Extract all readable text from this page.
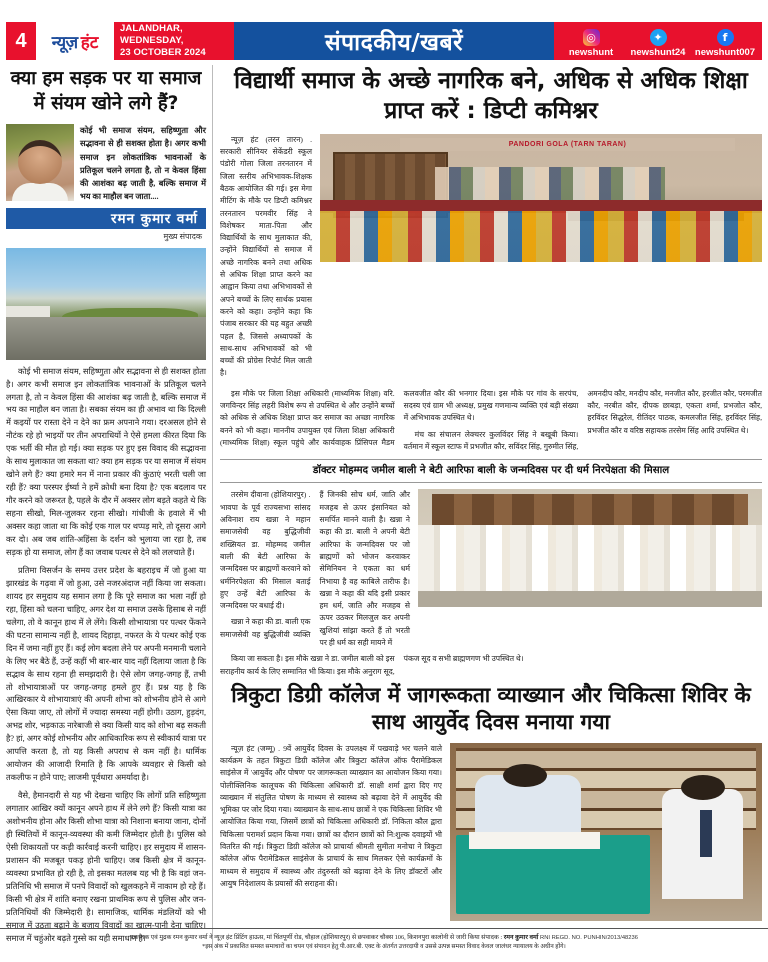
4	न्यूज़ हंट
JALANDHAR, WEDNESDAY,
23 OCTOBER 2024	संपादकीय/खबरें	◎
newshunt
✦
newshunt24
f
newshunt007
क्या हम सड़क पर या समाज में संयम खोने लगे हैं?
कोई भी समाज संयम, सहिष्णुता और सद्भावना से ही सशक्त होता है। अगर कभी समाज इन लोकतांत्रिक भावनाओं के प्रतिकूल चलने लगता है, तो न केवल हिंसा की आशंका बढ़ जाती है, बल्कि समाज में भय का माहौल बन जाता....
रमन कुमार वर्मा
मुख्य संपादक

कोई भी समाज संयम, सहिष्णुता और सद्भावना से ही सशक्त होता है। अगर कभी समाज इन लोकतांत्रिक भावनाओं के प्रतिकूल चलने लगता है, तो न केवल हिंसा की आशंका बढ़ जाती है, बल्कि समाज में भय का माहौल बन जाता है। सबका संयम का ही अभाव था कि दिल्ली में कइयों पर रास्ता देने न देने का फ्रम अपनाने गया। दरअसल होने से नौटंक रहे हो भाइयों पर तीन अपराधियों ने ऐसे हमला कीरत दिया कि एक भर्ती की मौत हो गई। क्या सड़क पर हुए इस विवाद की सद्भावना के साथ मुलाकात जा सकता था? क्या हम सड़क पर या समाज में संयम खोने लगे हैं? क्या हमारे मन में नाना प्रकार की कुंठाएं भरती चली जा रही हैं? क्या परस्पर ईर्ष्या ने हमें क्रोधी बना दिया है? एक बदलाव पर गौर करने को जरूरत है, पहले के दौर में अक्सर लोग बड़ते कहते थे कि सहना सीखो, मिल-जुलकर रहना सीखो। गांधीजी के हवाले में भी अक्सर कहा जाता था कि कोई एक गाल पर थप्पड़ मारे, तो दूसरा आगे कर दो। अब जब शांति-अहिंसा के दर्शन को भुलाया जा रहा है, तब सड़क हो या समाज, लोग हैं का जवाब पत्थर से देने को ललचाते हैं।

प्रतिमा विसर्जन के समय उत्तर प्रदेश के बहराइच में जो हुआ या झारखंड के गढ़वा में जो हुआ, उसे नजरअंदाज नहीं किया जा सकता। शायद हर समुदाय यह समान लगा है कि पूरे समाज का भला नहीं हो रहा, हिंसा को चलना चाहिए, अगर देश या समाज उसके हिसाब से नहीं चलेगा, तो वे कानून हाथ में ले लेंगे। किसी शोभायात्रा पर पत्थर फेंकने की घटना सामान्य नहीं है, शायद दिहाड़ा, नफरत के ये पत्थर कोई एक दिन में जमा नहीं हुए हैं। कई लोग बदला लेने पर अपनी मनमानी चलाने के लिए भर बैठे हैं, उन्हें कहीं भी बार-बार याद नहीं दिलाया जाता है कि सद्भाव के साथ रहना ही समझदारी है। ऐसे लोग जगह-जगह हैं, तभी तो शोभायात्राओं पर जगह-जगह हमले हुए हैं। प्रश्न यह है कि आखिरकार ये शोभायात्राएं की अपनी शोभा को शोभनीय होने से आगे ऐसा किया जाए, तो लोगों में ज्यादा समस्या नहीं होगी। उठाग, हुड़दंग, अभद्र शोर, भड़काऊ नारेबाजी से क्या किसी याद को शोभा बढ़ सकती है? हां, अगर कोई शोभनीय और आधिकारिक रूप से स्वीकार्य यात्रा पर आपत्ति करता है, तो यह किसी अपराध से कम नहीं है। धार्मिक आयोजन की आजादी रिमाति है कि आपके व्यवहार से किसी को तकलीफ न होने पाए; लाजमी पूर्वधारा अमर्यादा है।

वैसे, हैमानदारी से यह भी देखना चाहिए कि लोगों प्रति सहिष्णुता लगातार आखिर क्यों कानून अपने हाथ में लेने लगे हैं? किसी यात्रा का अशोभनीय होना और किसी शोभा यात्रा को निशाना बनाया जाना, दोनों ही स्थितियों में कानून-व्यवस्था की कमी जिम्मेदार होती है। पुलिस को ऐसी शिकायतों पर कड़ी कार्रवाई करनी चाहिए। हर समुदाय में शासन-प्रशासन की मजबूत पकड़ होनी चाहिए। जब किसी क्षेत्र में कानून-व्यवस्था प्रभावित हो रही है, तो इसका मतलब यह भी है कि वहां जन-प्रतिनिधि भी समाज में पनपे विवादों को खुलकहने में नाकाम हो रहे हैं। किसी भी क्षेत्र में शांति बनाए रखना प्राथमिक रूप से पुलिस और जन-प्रतिनिधियों की जिम्मेदारी है। सामाजिक, धार्मिक मंडलियों को भी समाज में उठता बढ़ाने के बजाय विवादों का खात्म-पानी देना चाहिए। समाज में चहुंओर बढ़ते गुस्से का यही समाधान है।

विद्यार्थी समाज के अच्छे नागरिक बने, अधिक से अधिक शिक्षा प्राप्त करें : डिप्टी कमिश्नर

न्यूज़ हंट (तरन तारन) . सरकारी सीनियर सेकेंडरी स्कूल पंडोरी गोला जिला तरनतारन में जिला स्तरीय अभिभावक-शिक्षक बैठक आयोजित की गई। इस मेगा मीटिंग के मौके पर डिप्टी कमिश्नर तरनतारन परमवीर सिंह ने विशेषकर माता-पिता और विद्यार्थियों के साथ मुलाकात की, उन्होंने विद्यार्थियों से समाज में अच्छे नागरिक बनने तथा अधिक से अधिक शिक्षा प्राप्त करने का आह्वान किया तथा अभिभावकों से अपने बच्चों के लिए सार्थक प्रयास करने को कहा। उन्होंने कहा कि पंजाब सरकार की यह बहुत अच्छी पहल है, जिससे अध्यापकों के साथ-साथ अभिभावकों को भी बच्चों की प्रोग्रेस रिपोर्ट मिल जाती है।

PANDORI GOLA (TARN TARAN)

इस मौके पर जिला शिक्षा अधिकारी (माध्यमिक शिक्षा) वरि. जगविन्दर सिंह लहरी विशेष रूप से उपस्थित थे और उन्होंने बच्चों को अधिक से अधिक शिक्षा प्राप्त कर समाज का अच्छा नागरिक बनने को भी कहा। माननीय उपायुक्त एवं जिला शिक्षा अधिकारी (माध्यमिक शिक्षा) स्कूल पहुंचे और कार्यवाहक प्रिंसिपल मैडम कलवजीत कौर की भनगार दिया। इस मौके पर गांव के सरपंच, सदस्य एवं ग्राम भी अध्यक्ष, प्रमुख गणमान्य व्यक्ति एवं बड़ी संख्या में अभिभावक उपस्थित थे।

मंच का संचालन लेक्चरर कुलविंदर सिंह ने बखूबी किया। वर्तमान में स्कूल स्टाफ में प्रभजीत कौर, सविंदर सिंह, गुरुमीत सिंह, अमनदीप कौर, मनदीप कौर, मनजीत कौर, हरजीत कौर, परमजीत कौर, नरबीत कौर, दीपक छाबड़ा, एकता शर्मा, प्रभजोत कौर, हरविंदर सिद्धरेल, रीतिंदर पाठक, कमलजीत सिंह, हरविंदर सिंह, प्रभजीत कौर व वरिष्ठ सहायक तरसेम सिंह आदि उपस्थित थे।

डॉक्टर मोहम्मद जमील बाली ने बेटी आरिफा बाली के जन्मदिवस पर दी धर्म निरपेक्षता की मिसाल

तरसेम दीवाना (होशियारपुर) . भावपा के पूर्व राज्यसभा सांसद अविनाश राय खन्ना ने महान समाजसेवी वह बुद्धिजीवी शख्सियत डा. मोहम्मद जमील बाली की बेटी आरिफा के जन्मदिवस पर ब्राह्मणों करवाने को धर्मनिरपेक्षता की मिसाल बताई हुए उन्हें बेटी आरिफा के जन्मदिवस पर बधाई दी।

खन्ना ने कहा की डा. बाली एक समाजसेवी वह बुद्धिजीवी व्यक्ति हैं जिनकी सोच धर्म, जाति और मजहब से ऊपर इंसानियत को समर्पित मानने वाली है। खन्ना ने कहा की डा. बाली ने अपनी बेटी आरिफा के जन्मदिवस पर जो ब्राह्मणों को भोजन करवाकर सेमिनियन ने एकता का धर्म निभाया है वह काबिले तारीफ है। खन्ना ने कहा की यदि इसी प्रकार हम धर्म, जाति और मजहब से ऊपर उठकर मिलजुल कर अपनी खुशियां सांझा करते हैं तो भरती पर ही धर्म का सही मायने में

किया जा सकता है। इस मौके खन्ना ने डा. जमील बाली को इस सराहनीय कार्य के लिए सम्मानित भी किया। इस मौके अनुराग सूद, पंकज सूद व सभी ब्राह्मणगण भी उपस्थित थे।

त्रिकुटा डिग्री कॉलेज में जागरूकता व्याख्यान और चिकित्सा शिविर के साथ आयुर्वेद दिवस मनाया गया

न्यूज़ हंट (जम्मू) . 9वें आयुर्वेद दिवस के उपलक्ष्य में पखवाड़े भर चलने वाले कार्यक्रम के तहत त्रिकुटा डिग्री कॉलेज और त्रिकुटा कॉलेज ऑफ पैरामेडिकल साइंसेज में 'आयुर्वेद और पोषण' पर जागरूकता व्याख्यान का आयोजन किया गया। पोलीक्लिनिक कालूचक की चिकित्सा अधिकारी डॉ. साक्षी शर्मा द्वारा दिए गए व्याख्यान में संतुलित पोषण के माध्यम से स्वास्थ्य को बढ़ावा देने में आयुर्वेद की भूमिका पर जोर दिया गया। व्याख्यान के साथ-साथ छात्रों ने एक चिकित्सा शिविर भी आयोजित किया गया, जिसमें छात्रों को चिकित्सा अधिकारी डॉ. निकिता कौल द्वारा चिकित्सा परामर्श प्रदान किया गया। छात्रों का दौरान छात्रों को नि:शुल्क दवाइयों भी वितरित की गई। त्रिकुटा डिग्री कॉलेज को प्राचार्या श्रीमती सुमीता मनोचा ने त्रिकुटा कॉलेज ऑफ पैरामेडिकल साइंसेज के प्राचार्य के साथ मिलकर ऐसे कार्यक्रमों के माध्यम से समुदाय में स्वास्थ्य और तंदुरुस्ती को बढ़ावा देने के लिए डॉक्टरों और आयुष निदेशालय के प्रयासों की सराहना की।

प्रकाशक एवं मुद्रक रमन कुमार वर्मा ने न्यूज़ हंट प्रिंटिंग हाऊस, मां चिंतपूर्णी रोड, चौहाल (होशियारपुर) से छपवाकर चौक्स 106, किशनपुरा कालोनी से जारी किया संपादक : रमन कुमार वर्मा RNI REGD. NO. PUNHIN/2013/48236
*इस अंक में प्रकाशित समस्त समाचारों का चयन एवं संपादन हेतु पी.आर.बी. एक्ट के अंतर्गत उत्तरदायी व उससे उत्पन्न समस्त विवाद केवल जालंधर न्यायालय के अधीन होंगे।
